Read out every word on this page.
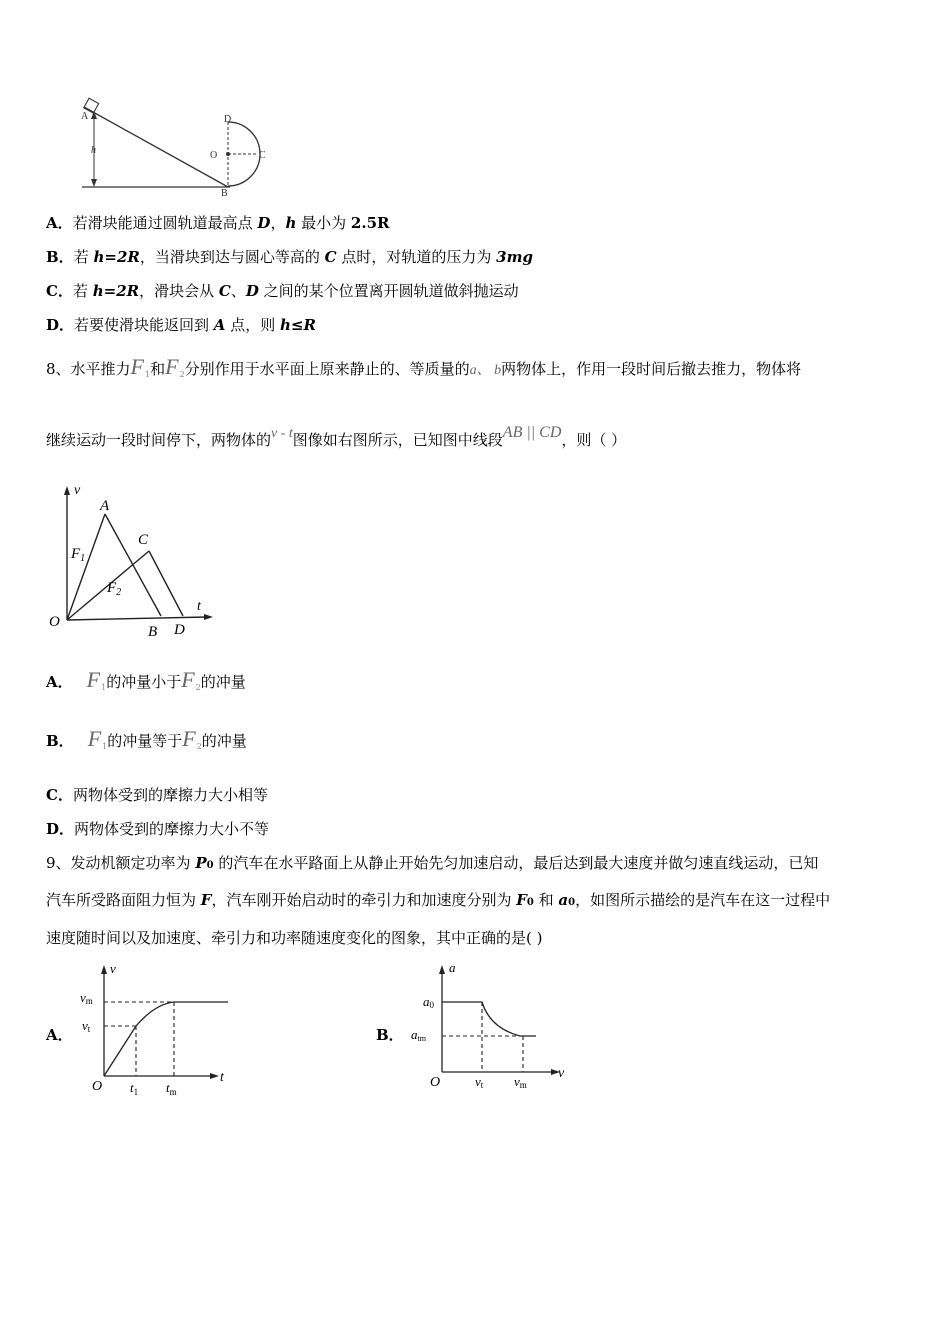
A
h
D
O	C
B
A．若滑块能通过圆轨道最高点 D，h 最小为 2.5R
B．若 h=2R，当滑块到达与圆心等高的 C 点时，对轨道的压力为 3mg
C．若 h=2R，滑块会从 C、D 之间的某个位置离开圆轨道做斜抛运动
D．若要使滑块能返回到 A 点，则 h≤R
8、水平推力$F_1$和$F_2$分别作用于水平面上原来静止的、等质量的a、 b两物体上，作用一段时间后撤去推力，物体将
继续运动一段时间停下，两物体的v - t图像如右图所示，已知图中线段AB || CD，则（ ）
v
t
O
A
C
B D
$F_1$
$F_2$
A． $F_1$的冲量小于$F_2$的冲量
B． $F_1$的冲量等于$F_2$的冲量
C．两物体受到的摩擦力大小相等
D．两物体受到的摩擦力大小不等
9、发动机额定功率为 P0 的汽车在水平路面上从静止开始先匀加速启动，最后达到最大速度并做匀速直线运动，已知
汽车所受路面阻力恒为 F，汽车刚开始启动时的牵引力和加速度分别为 F0 和 a0，如图所示描绘的是汽车在这一过程中
速度随时间以及加速度、牵引力和功率随速度变化的图象，其中正确的是( )
A．
v
vm
vt
O $t_1$ $t_m$
t
B．
a
a0
atm
O	vt vm
v
